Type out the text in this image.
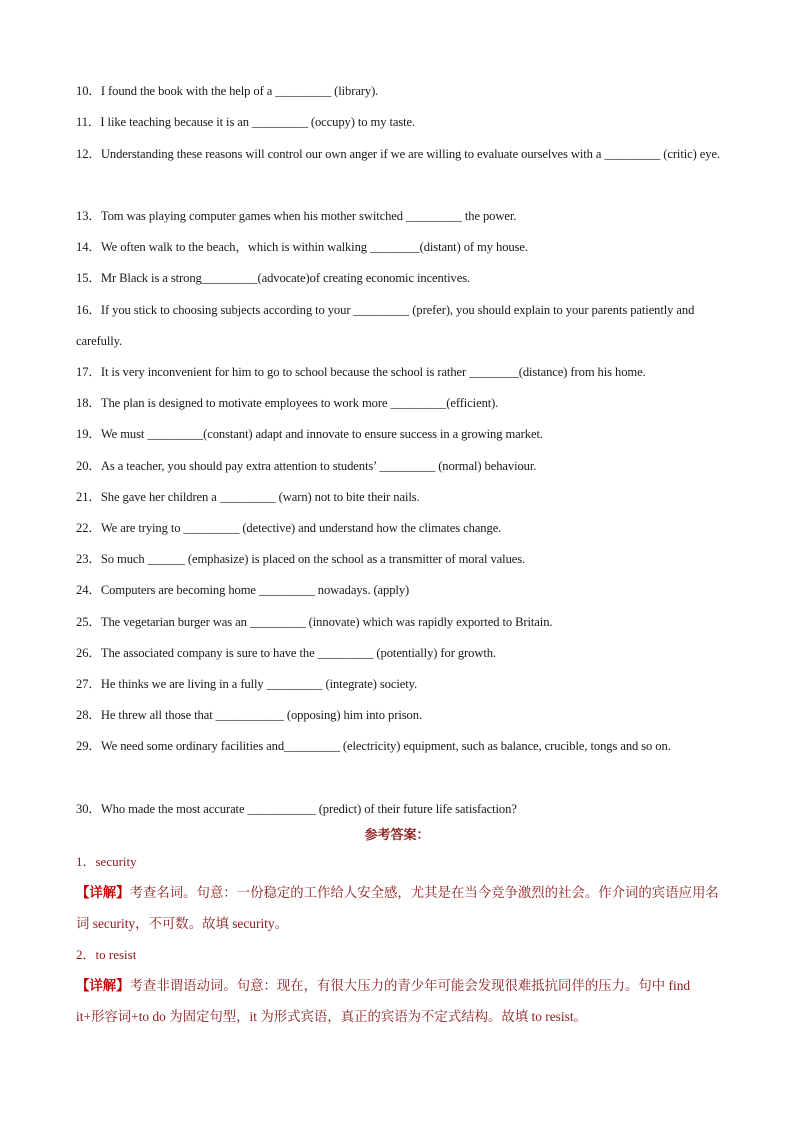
10．I found the book with the help of a _________ (library).
11．I like teaching because it is an _________ (occupy) to my taste.
12．Understanding these reasons will control our own anger if we are willing to evaluate ourselves with a _________ (critic) eye.
13．Tom was playing computer games when his mother switched _________ the power.
14．We often walk to the beach，which is within walking ________(distant) of my house.
15．Mr Black is a strong_________(advocate)of creating economic incentives.
16．If you stick to choosing subjects according to your _________ (prefer), you should explain to your parents patiently and carefully.
17．It is very inconvenient for him to go to school because the school is rather ________(distance) from his home.
18．The plan is designed to motivate employees to work more _________(efficient).
19．We must _________(constant) adapt and innovate to ensure success in a growing market.
20．As a teacher, you should pay extra attention to students’ _________ (normal) behaviour.
21．She gave her children a _________ (warn) not to bite their nails.
22．We are trying to _________ (detective) and understand how the climates change.
23．So much ______ (emphasize) is placed on the school as a transmitter of moral values.
24．Computers are becoming home _________ nowadays. (apply)
25．The vegetarian burger was an _________ (innovate) which was rapidly exported to Britain.
26．The associated company is sure to have the _________ (potentially) for growth.
27．He thinks we are living in a fully _________ (integrate) society.
28．He threw all those that ___________ (opposing) him into prison.
29．We need some ordinary facilities and_________ (electricity) equipment, such as balance, crucible, tongs and so on.
30．Who made the most accurate ___________ (predict) of their future life satisfaction?
参考答案：
1．security
【详解】考查名词。句意：一份稳定的工作给人安全感，尤其是在当今竞争激烈的社会。作介词的宾语应用名词 security，不可数。故填 security。
2．to resist
【详解】考查非谓语动词。句意：现在，有很大压力的青少年可能会发现很难抵抗同伴的压力。句中 find it+形容词+to do 为固定句型，it 为形式宾语，真正的宾语为不定式结构。故填 to resist。
